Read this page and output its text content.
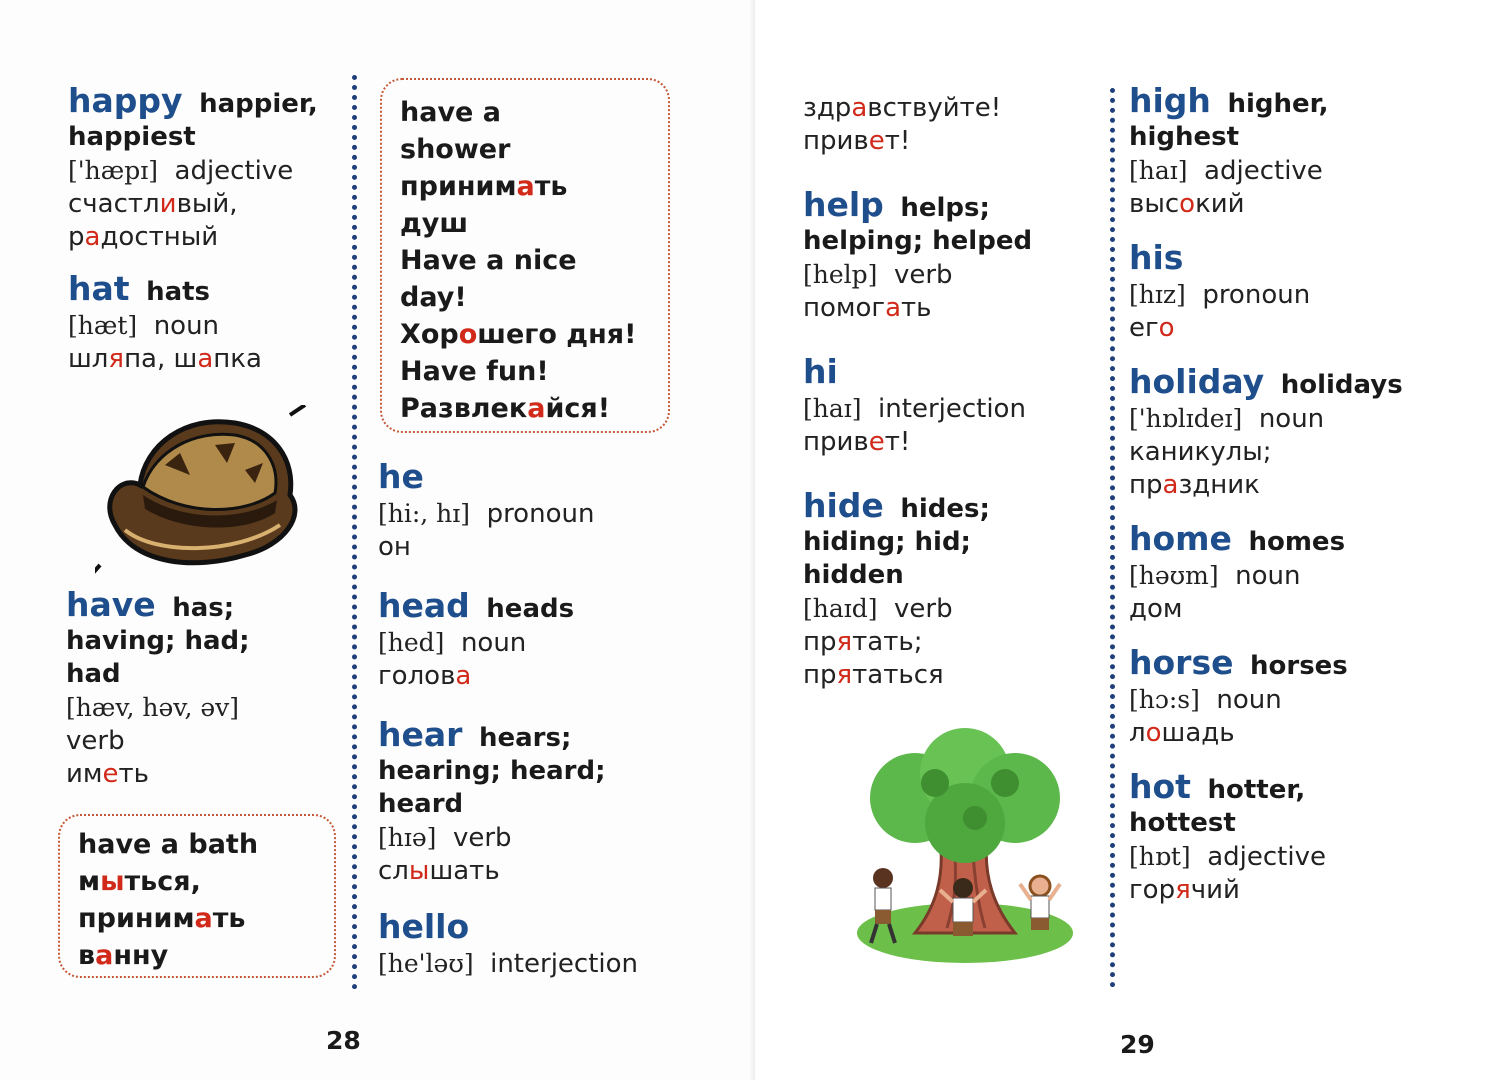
happy happier,
happiest
['hæpɪ] adjective
счастливый,
радостный
hat hats
[hæt] noun
шляпа, шапка
have has;
having; had;
had
[hæv, həv, əv]
verb
иметь
have a bath
мыться,
принимать
ванну
have a
shower
принимать
душ
Have a nice
day!
Хорошего дня!
Have fun!
Развлекайся!
he
[hi:, hɪ] pronoun
он
head heads
[hed] noun
голова
hear hears;
hearing; heard;
heard
[hɪə] verb
слышать
hello
[he'ləʊ] interjection
28
здравствуйте!
привет!
help helps;
helping; helped
[help] verb
помогать
hi
[haɪ] interjection
привет!
hide hides;
hiding; hid;
hidden
[haɪd] verb
прятать;
прятаться
high higher,
highest
[haɪ] adjective
высокий
his
[hɪz] pronoun
его
holiday holidays
['hɒlɪdeɪ] noun
каникулы;
праздник
home homes
[həʊm] noun
дом
horse horses
[hɔ:s] noun
лошадь
hot hotter,
hottest
[hɒt] adjective
горячий
29
